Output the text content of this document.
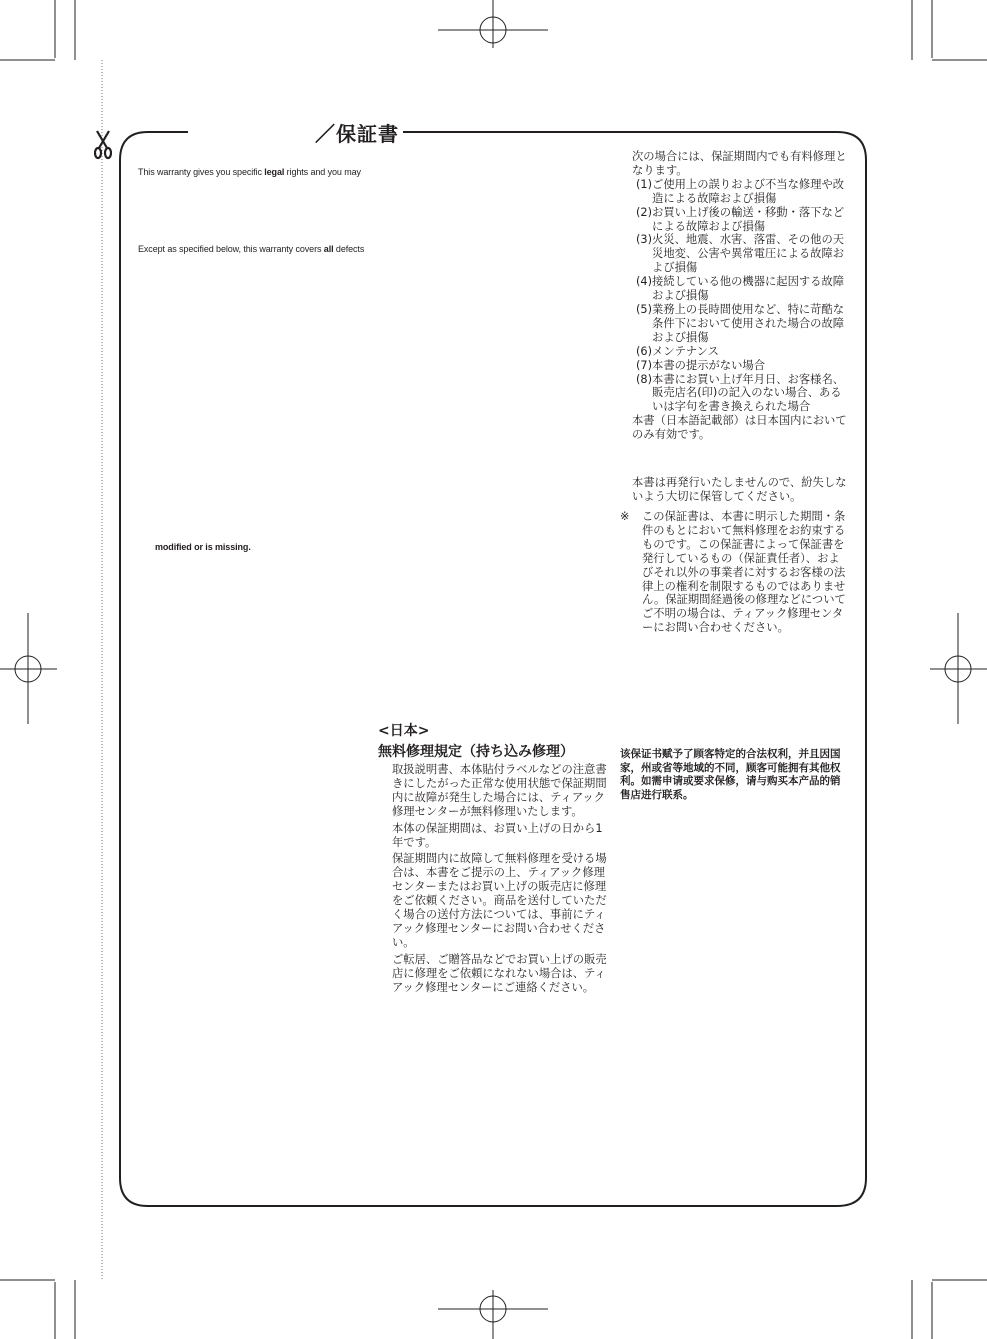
／保証書
This warranty gives you specific legal rights and you may
Except as specified below, this warranty covers all defects
modified or is missing.

次の場合には、保証期間内でも有料修理となります。

(1) ご使用上の誤りおよび不当な修理や改造による故障および損傷
(2) お買い上げ後の輸送・移動・落下などによる故障および損傷
(3) 火災、地震、水害、落雷、その他の天災地変、公害や異常電圧による故障および損傷
(4) 接続している他の機器に起因する故障および損傷
(5) 業務上の長時間使用など、特に苛酷な条件下において使用された場合の故障および損傷
(6) メンテナンス
(7) 本書の提示がない場合
(8) 本書にお買い上げ年月日、お客様名、販売店名(印)の記入のない場合、あるいは字句を書き換えられた場合

本書（日本語記載部）は日本国内においてのみ有効です。

本書は再発行いたしませんので、紛失しないよう大切に保管してください。

※	この保証書は、本書に明示した期間・条件のもとにおいて無料修理をお約束するものです。この保証書によって保証書を発行しているもの（保証責任者）、およびそれ以外の事業者に対するお客様の法律上の権利を制限するものではありません。保証期間経過後の修理などについてご不明の場合は、ティアック修理センターにお問い合わせください。
<日本>
無料修理規定（持ち込み修理）

取扱説明書、本体貼付ラベルなどの注意書きにしたがった正常な使用状態で保証期間内に故障が発生した場合には、ティアック修理センターが無料修理いたします。

本体の保証期間は、お買い上げの日から1年です。

保証期間内に故障して無料修理を受ける場合は、本書をご提示の上、ティアック修理センターまたはお買い上げの販売店に修理をご依頼ください。商品を送付していただく場合の送付方法については、事前にティアック修理センターにお問い合わせください。

ご転居、ご贈答品などでお買い上げの販売店に修理をご依頼になれない場合は、ティアック修理センターにご連絡ください。

该保证书赋予了顾客特定的合法权利，并且因国家，州或省等地域的不同，顾客可能拥有其他权利。如需申请或要求保修，请与购买本产品的销售店进行联系。
